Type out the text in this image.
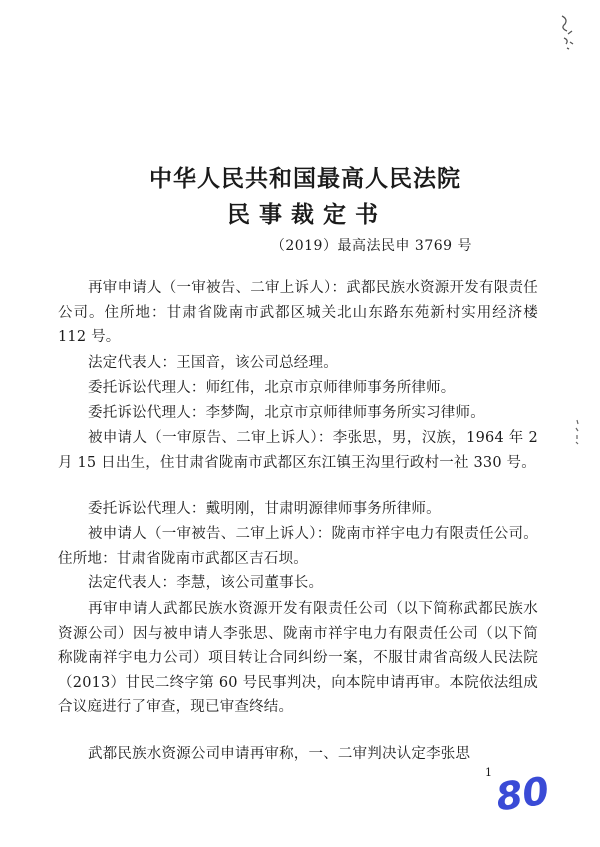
中华人民共和国最高人民法院
民事裁定书
（2019）最高法民申 3769 号

再审申请人（一审被告、二审上诉人）：武都民族水资源开发有限责任公司。住所地：甘肃省陇南市武都区城关北山东路东苑新村实用经济楼 112 号。

法定代表人：王国音，该公司总经理。

委托诉讼代理人：师红伟，北京市京师律师事务所律师。

委托诉讼代理人：李梦陶，北京市京师律师事务所实习律师。

被申请人（一审原告、二审上诉人）：李张思，男，汉族，1964 年 2 月 15 日出生，住甘肃省陇南市武都区东江镇王沟里行政村一社 330 号。

委托诉讼代理人：戴明刚，甘肃明源律师事务所律师。

被申请人（一审被告、二审上诉人）：陇南市祥宇电力有限责任公司。住所地：甘肃省陇南市武都区吉石坝。

法定代表人：李慧，该公司董事长。

再审申请人武都民族水资源开发有限责任公司（以下简称武都民族水资源公司）因与被申请人李张思、陇南市祥宇电力有限责任公司（以下简称陇南祥宇电力公司）项目转让合同纠纷一案，不服甘肃省高级人民法院（2013）甘民二终字第 60 号民事判决，向本院申请再审。本院依法组成合议庭进行了审查，现已审查终结。

武都民族水资源公司申请再审称，一、二审判决认定李张思

1 80
